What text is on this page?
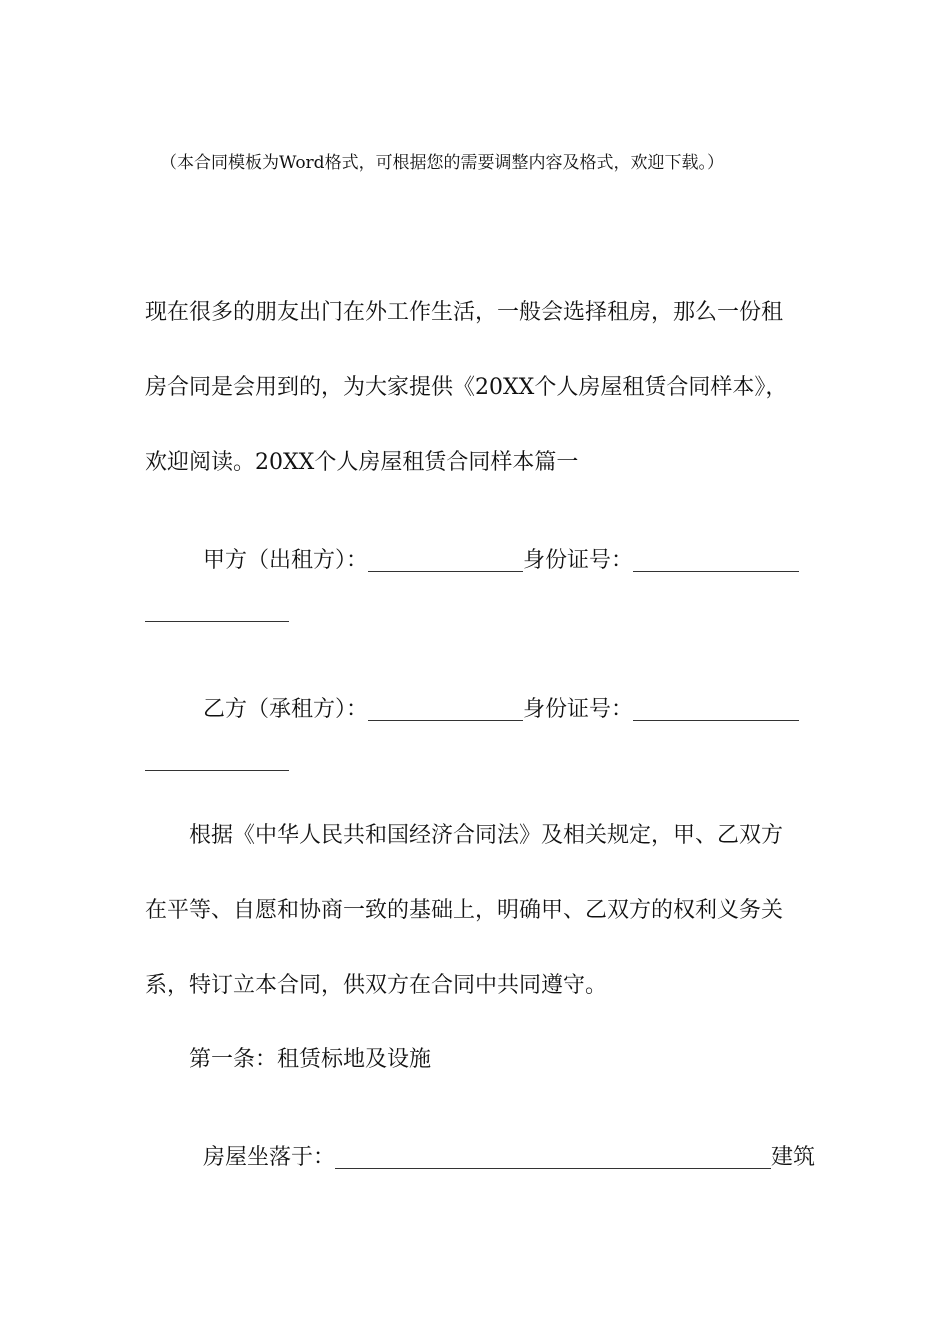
（本合同模板为Word格式，可根据您的需要调整内容及格式，欢迎下载。）
现在很多的朋友出门在外工作生活，一般会选择租房，那么一份租
房合同是会用到的，为大家提供《20XX个人房屋租赁合同样本》，
欢迎阅读。20XX个人房屋租赁合同样本篇一

甲方（出租方）：	身份证号：

乙方（承租方）：	身份证号：

根据《中华人民共和国经济合同法》及相关规定，甲、乙双方
在平等、自愿和协商一致的基础上，明确甲、乙双方的权利义务关
系，特订立本合同，供双方在合同中共同遵守。
第一条：租赁标地及设施

房屋坐落于：	建筑
